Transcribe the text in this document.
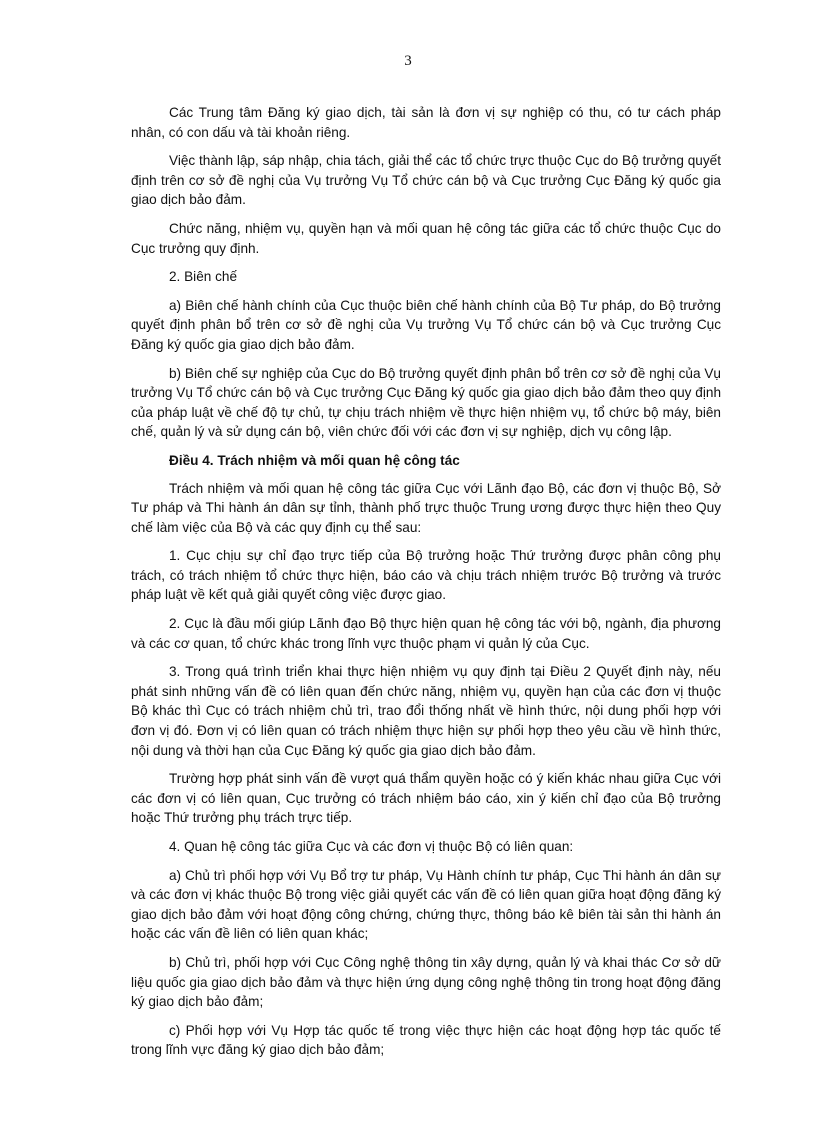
3

Các Trung tâm Đăng ký giao dịch, tài sản là đơn vị sự nghiệp có thu, có tư cách pháp nhân, có con dấu và tài khoản riêng.

Việc thành lập, sáp nhập, chia tách, giải thể các tổ chức trực thuộc Cục do Bộ trưởng quyết định trên cơ sở đề nghị của Vụ trưởng Vụ Tổ chức cán bộ và Cục trưởng Cục Đăng ký quốc gia giao dịch bảo đảm.

Chức năng, nhiệm vụ, quyền hạn và mối quan hệ công tác giữa các tổ chức thuộc Cục do Cục trưởng quy định.

2. Biên chế

a) Biên chế hành chính của Cục thuộc biên chế hành chính của Bộ Tư pháp, do Bộ trưởng quyết định phân bổ trên cơ sở đề nghị của Vụ trưởng Vụ Tổ chức cán bộ và Cục trưởng Cục Đăng ký quốc gia giao dịch bảo đảm.

b) Biên chế sự nghiệp của Cục do Bộ trưởng quyết định phân bổ trên cơ sở đề nghị của Vụ trưởng Vụ Tổ chức cán bộ và Cục trưởng Cục Đăng ký quốc gia giao dịch bảo đảm theo quy định của pháp luật về chế độ tự chủ, tự chịu trách nhiệm về thực hiện nhiệm vụ, tổ chức bộ máy, biên chế, quản lý và sử dụng cán bộ, viên chức đối với các đơn vị sự nghiệp, dịch vụ công lập.

Điều 4. Trách nhiệm và mối quan hệ công tác

Trách nhiệm và mối quan hệ công tác giữa Cục với Lãnh đạo Bộ, các đơn vị thuộc Bộ, Sở Tư pháp và Thi hành án dân sự tỉnh, thành phố trực thuộc Trung ương được thực hiện theo Quy chế làm việc của Bộ và các quy định cụ thể sau:

1. Cục chịu sự chỉ đạo trực tiếp của Bộ trưởng hoặc Thứ trưởng được phân công phụ trách, có trách nhiệm tổ chức thực hiện, báo cáo và chịu trách nhiệm trước Bộ trưởng và trước pháp luật về kết quả giải quyết công việc được giao.

2. Cục là đầu mối giúp Lãnh đạo Bộ thực hiện quan hệ công tác với bộ, ngành, địa phương và các cơ quan, tổ chức khác trong lĩnh vực thuộc phạm vi quản lý của Cục.

3. Trong quá trình triển khai thực hiện nhiệm vụ quy định tại Điều 2 Quyết định này, nếu phát sinh những vấn đề có liên quan đến chức năng, nhiệm vụ, quyền hạn của các đơn vị thuộc Bộ khác thì Cục có trách nhiệm chủ trì, trao đổi thống nhất về hình thức, nội dung phối hợp với đơn vị đó. Đơn vị có liên quan có trách nhiệm thực hiện sự phối hợp theo yêu cầu về hình thức, nội dung và thời hạn của Cục Đăng ký quốc gia giao dịch bảo đảm.

Trường hợp phát sinh vấn đề vượt quá thẩm quyền hoặc có ý kiến khác nhau giữa Cục với các đơn vị có liên quan, Cục trưởng có trách nhiệm báo cáo, xin ý kiến chỉ đạo của Bộ trưởng hoặc Thứ trưởng phụ trách trực tiếp.

4. Quan hệ công tác giữa Cục và các đơn vị thuộc Bộ có liên quan:

a) Chủ trì phối hợp với Vụ Bổ trợ tư pháp, Vụ Hành chính tư pháp, Cục Thi hành án dân sự và các đơn vị khác thuộc Bộ trong việc giải quyết các vấn đề có liên quan giữa hoạt động đăng ký giao dịch bảo đảm với hoạt động công chứng, chứng thực, thông báo kê biên tài sản thi hành án hoặc các vấn đề liên có liên quan khác;

b) Chủ trì, phối hợp với Cục Công nghệ thông tin xây dựng, quản lý và khai thác Cơ sở dữ liệu quốc gia giao dịch bảo đảm và thực hiện ứng dụng công nghệ thông tin trong hoạt động đăng ký giao dịch bảo đảm;

c) Phối hợp với Vụ Hợp tác quốc tế trong việc thực hiện các hoạt động hợp tác quốc tế trong lĩnh vực đăng ký giao dịch bảo đảm;
